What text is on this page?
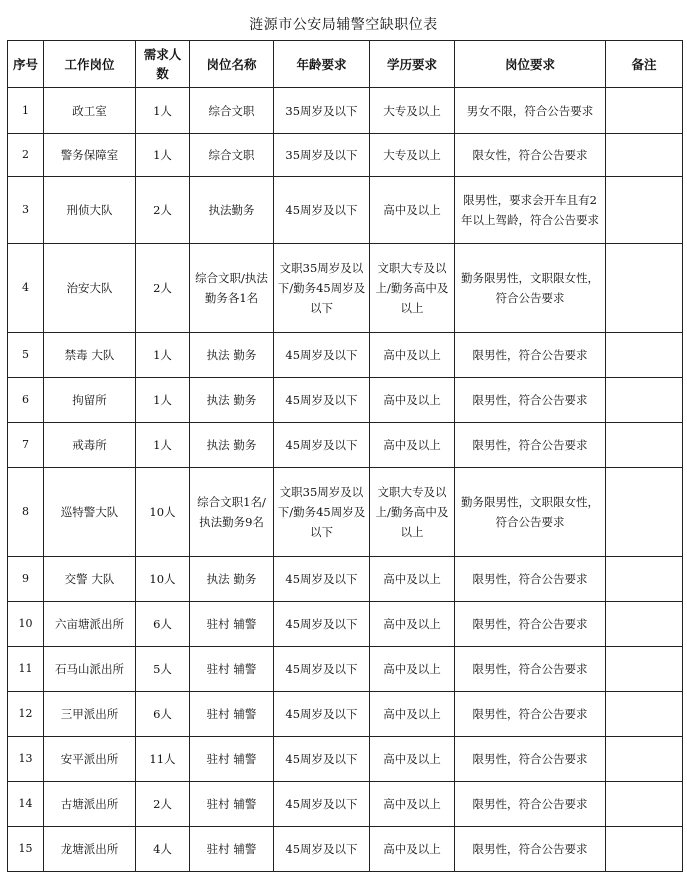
涟源市公安局辅警空缺职位表
序号	工作岗位	需求人数	岗位名称	年龄要求	学历要求	岗位要求	备注
1	政工室	1人	综合文职	35周岁及以下	大专及以上	男女不限，符合公告要求	
2	警务保障室	1人	综合文职	35周岁及以下	大专及以上	限女性，符合公告要求	
3	刑侦大队	2人	执法勤务	45周岁及以下	高中及以上	限男性，要求会开车且有2年以上驾龄，符合公告要求	
4	治安大队	2人	综合文职/执法勤务各1名	文职35周岁及以下/勤务45周岁及以下	文职大专及以上/勤务高中及以上	勤务限男性，文职限女性，符合公告要求	
5	禁毒 大队	1人	执法 勤务	45周岁及以下	高中及以上	限男性，符合公告要求	
6	拘留所	1人	执法 勤务	45周岁及以下	高中及以上	限男性，符合公告要求	
7	戒毒所	1人	执法 勤务	45周岁及以下	高中及以上	限男性，符合公告要求	
8	巡特警大队	10人	综合文职1名/执法勤务9名	文职35周岁及以下/勤务45周岁及以下	文职大专及以上/勤务高中及以上	勤务限男性，文职限女性，符合公告要求	
9	交警 大队	10人	执法 勤务	45周岁及以下	高中及以上	限男性，符合公告要求	
10	六亩塘派出所	6人	驻村 辅警	45周岁及以下	高中及以上	限男性，符合公告要求	
11	石马山派出所	5人	驻村 辅警	45周岁及以下	高中及以上	限男性，符合公告要求	
12	三甲派出所	6人	驻村 辅警	45周岁及以下	高中及以上	限男性，符合公告要求	
13	安平派出所	11人	驻村 辅警	45周岁及以下	高中及以上	限男性，符合公告要求	
14	古塘派出所	2人	驻村 辅警	45周岁及以下	高中及以上	限男性，符合公告要求	
15	龙塘派出所	4人	驻村 辅警	45周岁及以下	高中及以上	限男性，符合公告要求	
